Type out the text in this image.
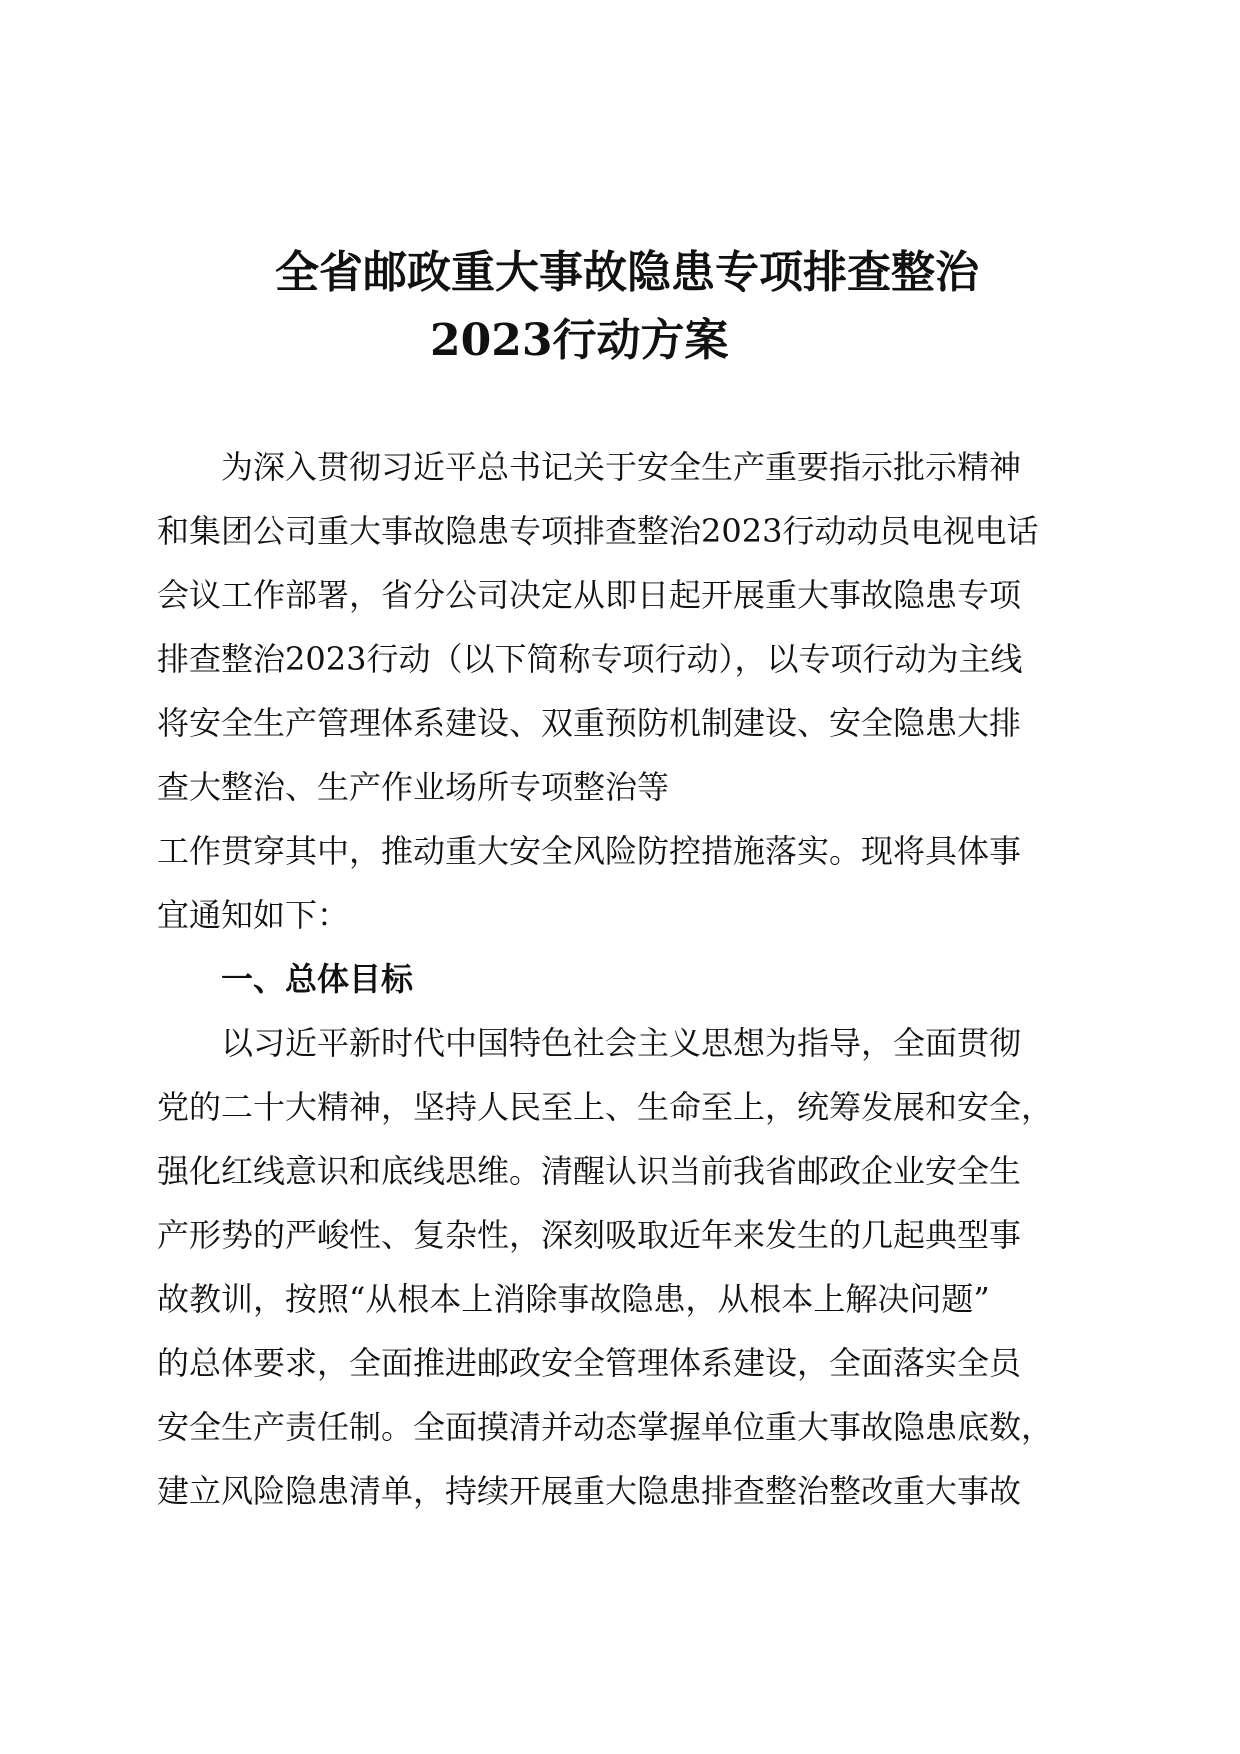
全省邮政重大事故隐患专项排查整治
2023行动方案

为深入贯彻习近平总书记关于安全生产重要指示批示精神

和集团公司重大事故隐患专项排查整治2023行动动员电视电话

会议工作部署，省分公司决定从即日起开展重大事故隐患专项

排查整治2023行动（以下简称专项行动），以专项行动为主线

将安全生产管理体系建设、双重预防机制建设、安全隐患大排

查大整治、生产作业场所专项整治等

工作贯穿其中，推动重大安全风险防控措施落实。现将具体事

宜通知如下：

一、总体目标

以习近平新时代中国特色社会主义思想为指导，全面贯彻

党的二十大精神，坚持人民至上、生命至上，统筹发展和安全，

强化红线意识和底线思维。清醒认识当前我省邮政企业安全生

产形势的严峻性、复杂性，深刻吸取近年来发生的几起典型事

故教训，按照“从根本上消除事故隐患，从根本上解决问题”

的总体要求，全面推进邮政安全管理体系建设，全面落实全员

安全生产责任制。全面摸清并动态掌握单位重大事故隐患底数，

建立风险隐患清单，持续开展重大隐患排查整治整改重大事故
